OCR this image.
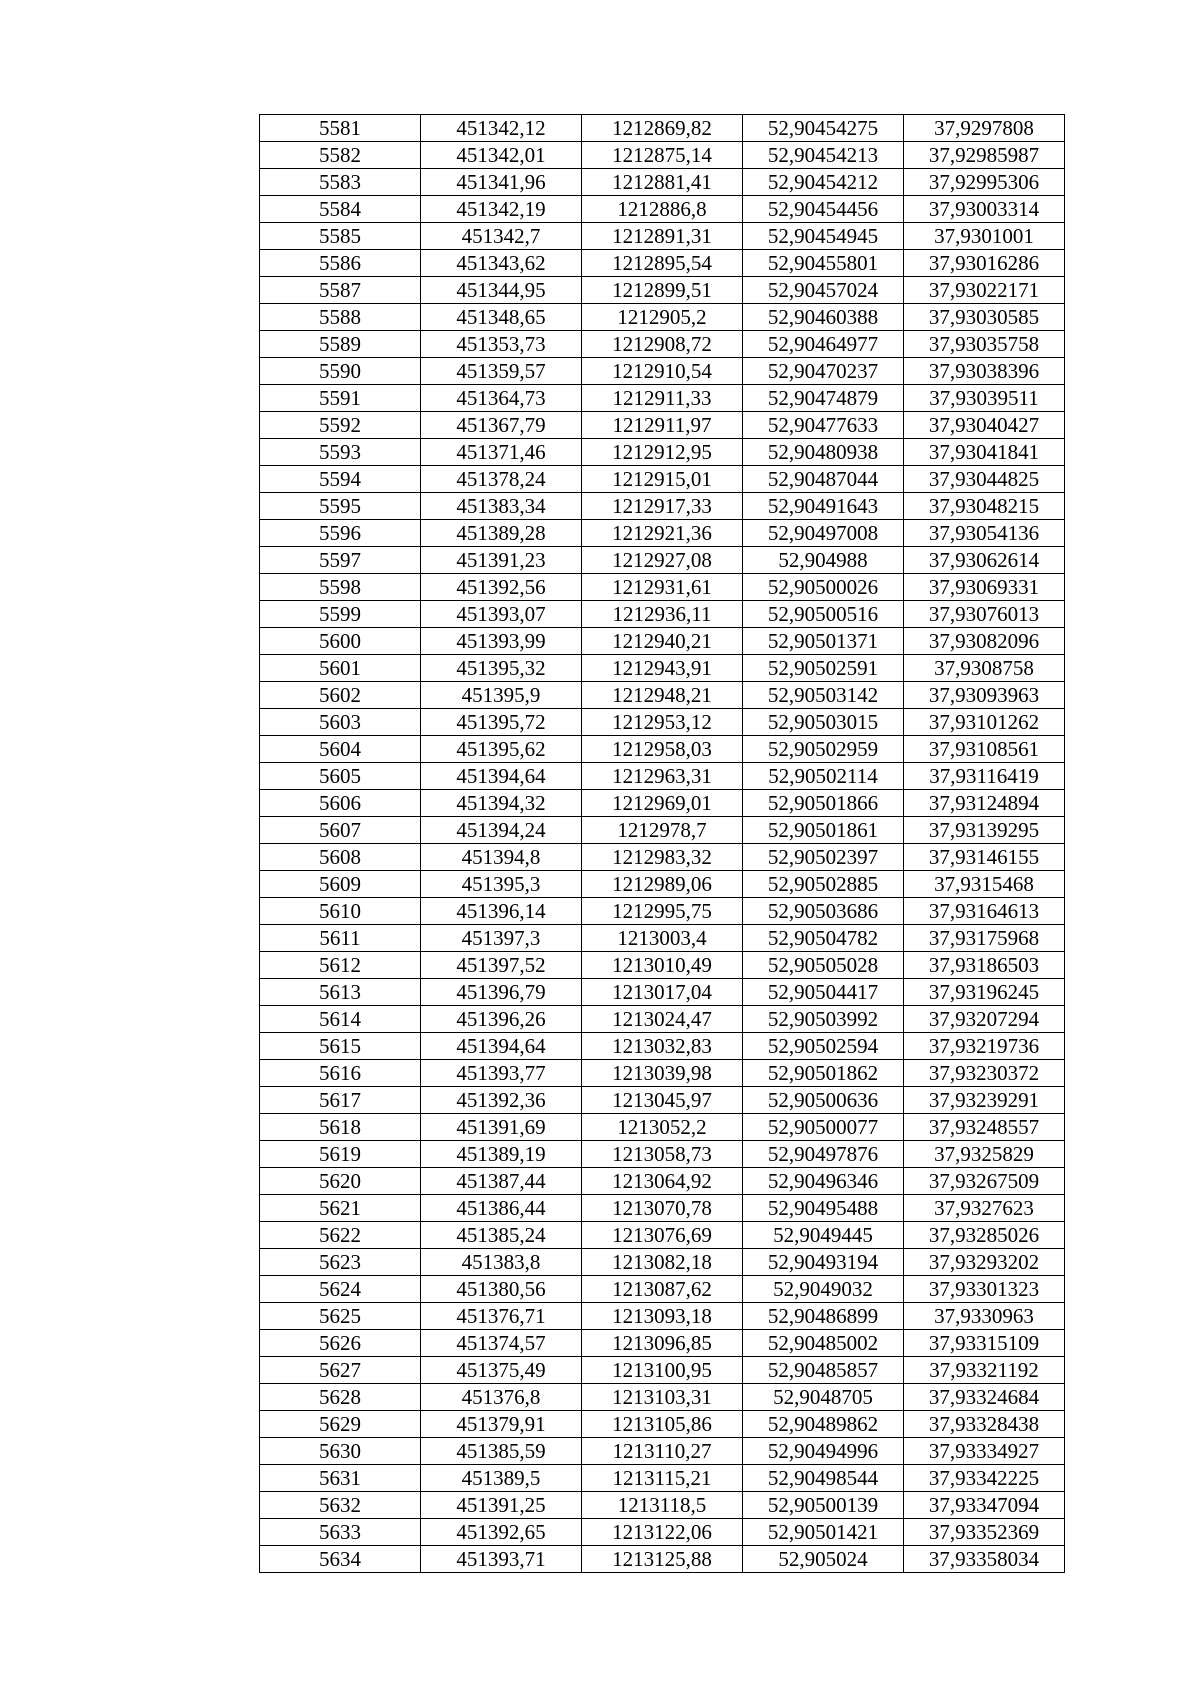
5581	451342,12	1212869,82	52,90454275	37,9297808
5582	451342,01	1212875,14	52,90454213	37,92985987
5583	451341,96	1212881,41	52,90454212	37,92995306
5584	451342,19	1212886,8	52,90454456	37,93003314
5585	451342,7	1212891,31	52,90454945	37,9301001
5586	451343,62	1212895,54	52,90455801	37,93016286
5587	451344,95	1212899,51	52,90457024	37,93022171
5588	451348,65	1212905,2	52,90460388	37,93030585
5589	451353,73	1212908,72	52,90464977	37,93035758
5590	451359,57	1212910,54	52,90470237	37,93038396
5591	451364,73	1212911,33	52,90474879	37,93039511
5592	451367,79	1212911,97	52,90477633	37,93040427
5593	451371,46	1212912,95	52,90480938	37,93041841
5594	451378,24	1212915,01	52,90487044	37,93044825
5595	451383,34	1212917,33	52,90491643	37,93048215
5596	451389,28	1212921,36	52,90497008	37,93054136
5597	451391,23	1212927,08	52,904988	37,93062614
5598	451392,56	1212931,61	52,90500026	37,93069331
5599	451393,07	1212936,11	52,90500516	37,93076013
5600	451393,99	1212940,21	52,90501371	37,93082096
5601	451395,32	1212943,91	52,90502591	37,9308758
5602	451395,9	1212948,21	52,90503142	37,93093963
5603	451395,72	1212953,12	52,90503015	37,93101262
5604	451395,62	1212958,03	52,90502959	37,93108561
5605	451394,64	1212963,31	52,90502114	37,93116419
5606	451394,32	1212969,01	52,90501866	37,93124894
5607	451394,24	1212978,7	52,90501861	37,93139295
5608	451394,8	1212983,32	52,90502397	37,93146155
5609	451395,3	1212989,06	52,90502885	37,9315468
5610	451396,14	1212995,75	52,90503686	37,93164613
5611	451397,3	1213003,4	52,90504782	37,93175968
5612	451397,52	1213010,49	52,90505028	37,93186503
5613	451396,79	1213017,04	52,90504417	37,93196245
5614	451396,26	1213024,47	52,90503992	37,93207294
5615	451394,64	1213032,83	52,90502594	37,93219736
5616	451393,77	1213039,98	52,90501862	37,93230372
5617	451392,36	1213045,97	52,90500636	37,93239291
5618	451391,69	1213052,2	52,90500077	37,93248557
5619	451389,19	1213058,73	52,90497876	37,9325829
5620	451387,44	1213064,92	52,90496346	37,93267509
5621	451386,44	1213070,78	52,90495488	37,9327623
5622	451385,24	1213076,69	52,9049445	37,93285026
5623	451383,8	1213082,18	52,90493194	37,93293202
5624	451380,56	1213087,62	52,9049032	37,93301323
5625	451376,71	1213093,18	52,90486899	37,9330963
5626	451374,57	1213096,85	52,90485002	37,93315109
5627	451375,49	1213100,95	52,90485857	37,93321192
5628	451376,8	1213103,31	52,9048705	37,93324684
5629	451379,91	1213105,86	52,90489862	37,93328438
5630	451385,59	1213110,27	52,90494996	37,93334927
5631	451389,5	1213115,21	52,90498544	37,93342225
5632	451391,25	1213118,5	52,90500139	37,93347094
5633	451392,65	1213122,06	52,90501421	37,93352369
5634	451393,71	1213125,88	52,905024	37,93358034
